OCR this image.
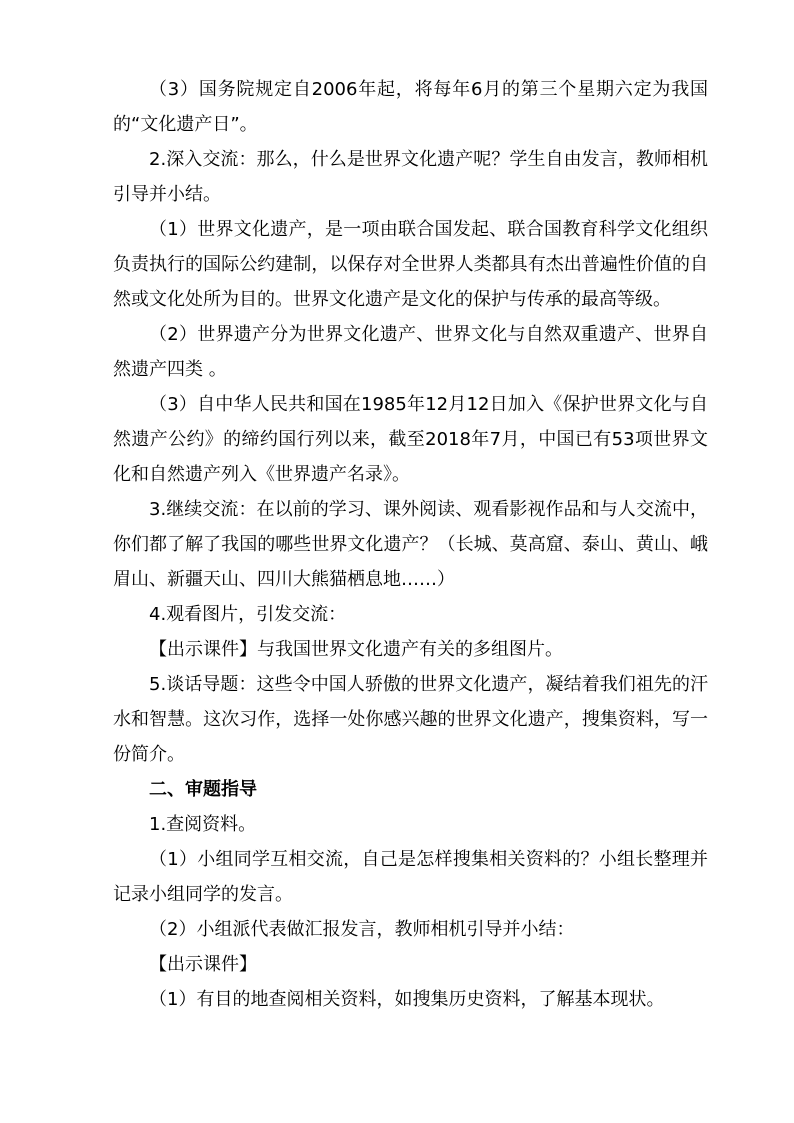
（3）国务院规定自2006年起，将每年6月的第三个星期六定为我国的“文化遗产日”。

2.深入交流：那么，什么是世界文化遗产呢？学生自由发言，教师相机引导并小结。

（1）世界文化遗产，是一项由联合国发起、联合国教育科学文化组织负责执行的国际公约建制，以保存对全世界人类都具有杰出普遍性价值的自然或文化处所为目的。世界文化遗产是文化的保护与传承的最高等级。

（2）世界遗产分为世界文化遗产、世界文化与自然双重遗产、世界自然遗产四类 。

（3）自中华人民共和国在1985年12月12日加入《保护世界文化与自然遗产公约》的缔约国行列以来，截至2018年7月，中国已有53项世界文化和自然遗产列入《世界遗产名录》。

3.继续交流：在以前的学习、课外阅读、观看影视作品和与人交流中，你们都了解了我国的哪些世界文化遗产？（长城、莫高窟、泰山、黄山、峨眉山、新疆天山、四川大熊猫栖息地……）

4.观看图片，引发交流：

【出示课件】与我国世界文化遗产有关的多组图片。

5.谈话导题：这些令中国人骄傲的世界文化遗产，凝结着我们祖先的汗水和智慧。这次习作，选择一处你感兴趣的世界文化遗产，搜集资料，写一份简介。

二、审题指导

1.查阅资料。

（1）小组同学互相交流，自己是怎样搜集相关资料的？小组长整理并记录小组同学的发言。

（2）小组派代表做汇报发言，教师相机引导并小结：

【出示课件】

（1）有目的地查阅相关资料，如搜集历史资料，了解基本现状。
